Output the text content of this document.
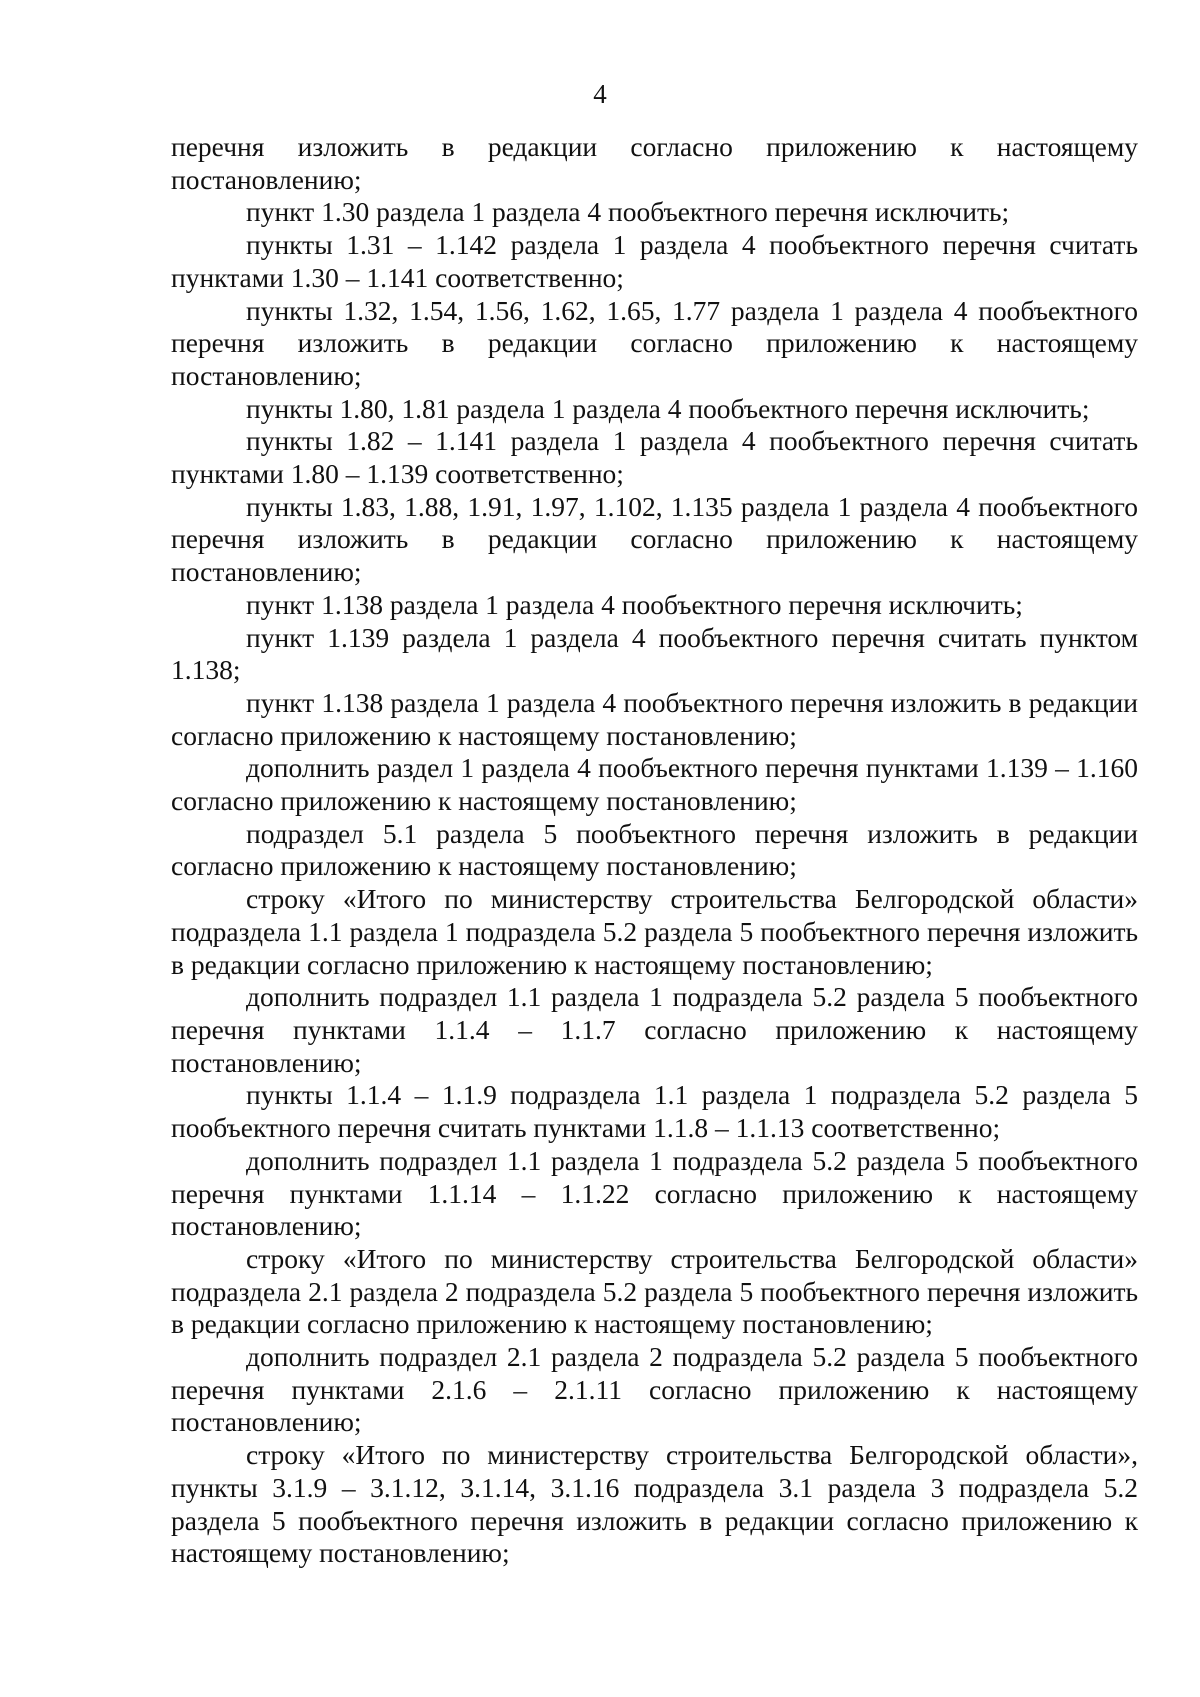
4

перечня изложить в редакции согласно приложению к настоящему постановлению;

пункт 1.30 раздела 1 раздела 4 пообъектного перечня исключить;

пункты 1.31 – 1.142 раздела 1 раздела 4 пообъектного перечня считать пунктами 1.30 – 1.141 соответственно;

пункты 1.32, 1.54, 1.56, 1.62, 1.65, 1.77 раздела 1 раздела 4 пообъектного перечня изложить в редакции согласно приложению к настоящему постановлению;

пункты 1.80, 1.81 раздела 1 раздела 4 пообъектного перечня исключить;

пункты 1.82 – 1.141 раздела 1 раздела 4 пообъектного перечня считать пунктами 1.80 – 1.139 соответственно;

пункты 1.83, 1.88, 1.91, 1.97, 1.102, 1.135 раздела 1 раздела 4 пообъектного перечня изложить в редакции согласно приложению к настоящему постановлению;

пункт 1.138 раздела 1 раздела 4 пообъектного перечня исключить;

пункт 1.139 раздела 1 раздела 4 пообъектного перечня считать пунктом 1.138;

пункт 1.138 раздела 1 раздела 4 пообъектного перечня изложить в редакции согласно приложению к настоящему постановлению;

дополнить раздел 1 раздела 4 пообъектного перечня пунктами 1.139 – 1.160 согласно приложению к настоящему постановлению;

подраздел 5.1 раздела 5 пообъектного перечня изложить в редакции согласно приложению к настоящему постановлению;

строку «Итого по министерству строительства Белгородской области» подраздела 1.1 раздела 1 подраздела 5.2 раздела 5 пообъектного перечня изложить в редакции согласно приложению к настоящему постановлению;

дополнить подраздел 1.1 раздела 1 подраздела 5.2 раздела 5 пообъектного перечня пунктами 1.1.4 – 1.1.7 согласно приложению к настоящему постановлению;

пункты 1.1.4 – 1.1.9 подраздела 1.1 раздела 1 подраздела 5.2 раздела 5 пообъектного перечня считать пунктами 1.1.8 – 1.1.13 соответственно;

дополнить подраздел 1.1 раздела 1 подраздела 5.2 раздела 5 пообъектного перечня пунктами 1.1.14 – 1.1.22 согласно приложению к настоящему постановлению;

строку «Итого по министерству строительства Белгородской области» подраздела 2.1 раздела 2 подраздела 5.2 раздела 5 пообъектного перечня изложить в редакции согласно приложению к настоящему постановлению;

дополнить подраздел 2.1 раздела 2 подраздела 5.2 раздела 5 пообъектного перечня пунктами 2.1.6 – 2.1.11 согласно приложению к настоящему постановлению;

строку «Итого по министерству строительства Белгородской области», пункты 3.1.9 – 3.1.12, 3.1.14, 3.1.16 подраздела 3.1 раздела 3 подраздела 5.2 раздела 5 пообъектного перечня изложить в редакции согласно приложению к настоящему постановлению;
